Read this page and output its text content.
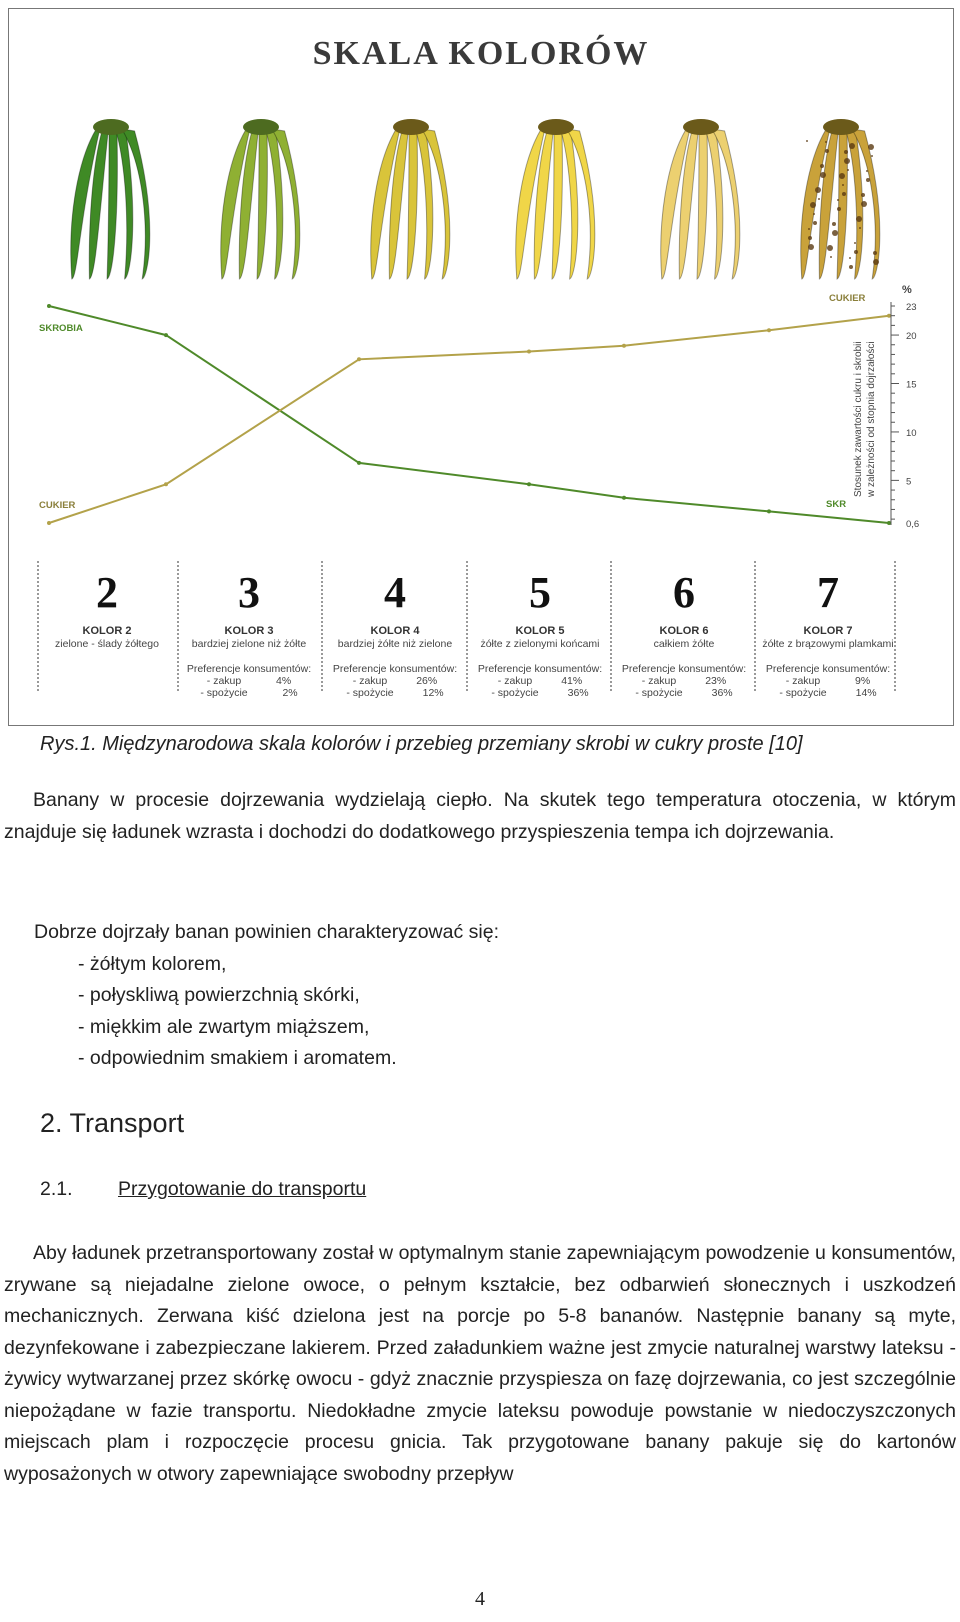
SKALA KOLORÓW
SKROBIA
CUKIER
CUKIER
SKR
%
Stosunek zawartości cukru i skrobii w zależności od stopnia dojrzałości
0,6
5
10
15
20
23
2
KOLOR 2
zielone - ślady żółtego
3
KOLOR 3
bardziej zielone niż żółte
Preferencje konsumentów:
- zakup	4%
- spożycie	2%
4
KOLOR 4
bardziej żółte niż zielone
Preferencje konsumentów:
- zakup	26%
- spożycie	12%
5
KOLOR 5
żółte z zielonymi końcami
Preferencje konsumentów:
- zakup	41%
- spożycie	36%
6
KOLOR 6
całkiem żółte
Preferencje konsumentów:
- zakup	23%
- spożycie	36%
7
KOLOR 7
żółte z brązowymi plamkami
Preferencje konsumentów:
- zakup	9%
- spożycie	14%
Rys.1. Międzynarodowa skala kolorów i przebieg przemiany skrobi w cukry proste [10]
Banany w procesie dojrzewania wydzielają ciepło. Na skutek tego temperatura otoczenia, w którym znajduje się ładunek wzrasta i dochodzi do dodatkowego przyspieszenia tempa ich dojrzewania.
Dobrze dojrzały banan powinien charakteryzować się:
- żółtym kolorem,
- połyskliwą powierzchnią skórki,
- miękkim ale zwartym miąższem,
- odpowiednim smakiem i aromatem.
2. Transport
2.1. Przygotowanie do transportu
Aby ładunek przetransportowany został w optymalnym stanie zapewniającym powodzenie u konsumentów, zrywane są niejadalne zielone owoce, o pełnym kształcie, bez odbarwień słonecznych i uszkodzeń mechanicznych. Zerwana kiść dzielona jest na porcje po 5-8 bananów. Następnie banany są myte, dezynfekowane i zabezpieczane lakierem. Przed załadunkiem ważne jest zmycie naturalnej warstwy lateksu - żywicy wytwarzanej przez skórkę owocu - gdyż znacznie przyspiesza on fazę dojrzewania, co jest szczególnie niepożądane w fazie transportu. Niedokładne zmycie lateksu powoduje powstanie w niedoczyszczonych miejscach plam i rozpoczęcie procesu gnicia. Tak przygotowane banany pakuje się do kartonów wyposażonych w otwory zapewniające swobodny przepływ
4
